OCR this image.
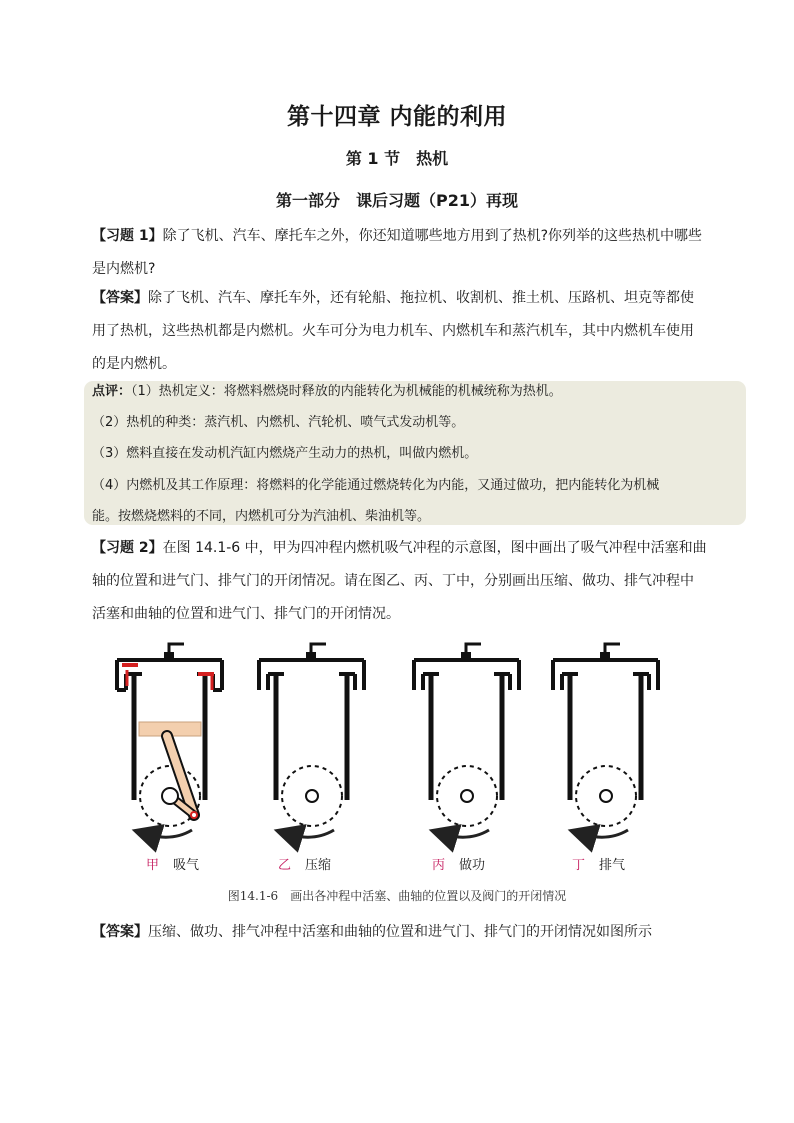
第十四章 内能的利用
第 1 节　热机
第一部分　课后习题（P21）再现
【习题 1】除了飞机、汽车、摩托车之外，你还知道哪些地方用到了热机?你列举的这些热机中哪些
是内燃机?
【答案】除了飞机、汽车、摩托车外，还有轮船、拖拉机、收割机、推土机、压路机、坦克等都使
用了热机，这些热机都是内燃机。火车可分为电力机车、内燃机车和蒸汽机车，其中内燃机车使用
的是内燃机。
点评：（1）热机定义：将燃料燃烧时释放的内能转化为机械能的机械统称为热机。
（2）热机的种类：蒸汽机、内燃机、汽轮机、喷气式发动机等。
（3）燃料直接在发动机汽缸内燃烧产生动力的热机，叫做内燃机。
（4）内燃机及其工作原理：将燃料的化学能通过燃烧转化为内能，又通过做功，把内能转化为机械
能。按燃烧燃料的不同，内燃机可分为汽油机、柴油机等。
【习题 2】在图 14.1-6 中，甲为四冲程内燃机吸气冲程的示意图，图中画出了吸气冲程中活塞和曲
轴的位置和进气门、排气门的开闭情况。请在图乙、丙、丁中，分别画出压缩、做功、排气冲程中
活塞和曲轴的位置和进气门、排气门的开闭情况。
甲 吸气	乙 压缩	丙 做功	丁 排气
图14.1-6　画出各冲程中活塞、曲轴的位置以及阀门的开闭情况
【答案】压缩、做功、排气冲程中活塞和曲轴的位置和进气门、排气门的开闭情况如图所示
